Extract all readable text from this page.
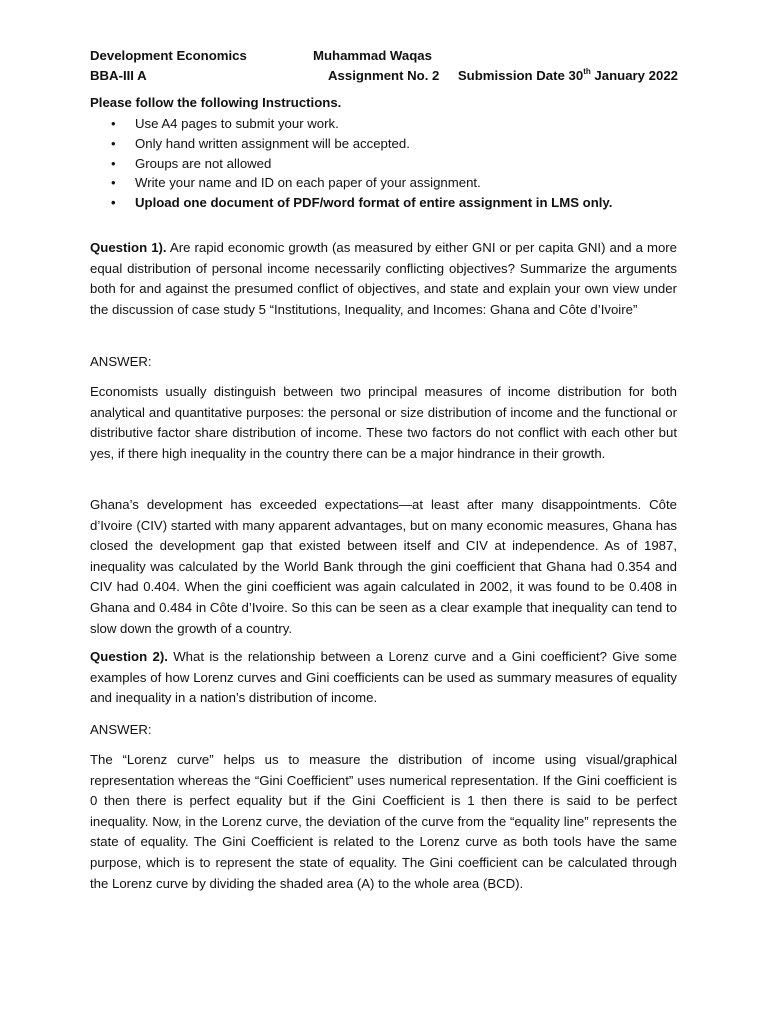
Development Economics	Muhammad Waqas
BBA-III A	Assignment No. 2 Submission Date 30th January 2022
Please follow the following Instructions.
• Use A4 pages to submit your work.
• Only hand written assignment will be accepted.
• Groups are not allowed
• Write your name and ID on each paper of your assignment.
• Upload one document of PDF/word format of entire assignment in LMS only.

Question 1). Are rapid economic growth (as measured by either GNI or per capita GNI) and a more equal distribution of personal income necessarily conflicting objectives? Summarize the arguments both for and against the presumed conflict of objectives, and state and explain your own view under the discussion of case study 5 “Institutions, Inequality, and Incomes: Ghana and Côte d’Ivoire”

ANSWER:

Economists usually distinguish between two principal measures of income distribution for both analytical and quantitative purposes: the personal or size distribution of income and the functional or distributive factor share distribution of income. These two factors do not conflict with each other but yes, if there high inequality in the country there can be a major hindrance in their growth.

Ghana’s development has exceeded expectations—at least after many disappointments. Côte d’Ivoire (CIV) started with many apparent advantages, but on many economic measures, Ghana has closed the development gap that existed between itself and CIV at independence. As of 1987, inequality was calculated by the World Bank through the gini coefficient that Ghana had 0.354 and CIV had 0.404. When the gini coefficient was again calculated in 2002, it was found to be 0.408 in Ghana and 0.484 in Côte d’Ivoire. So this can be seen as a clear example that inequality can tend to slow down the growth of a country.

Question 2). What is the relationship between a Lorenz curve and a Gini coefficient? Give some examples of how Lorenz curves and Gini coefficients can be used as summary measures of equality and inequality in a nation’s distribution of income.

ANSWER:

The “Lorenz curve” helps us to measure the distribution of income using visual/graphical representation whereas the “Gini Coefficient” uses numerical representation. If the Gini coefficient is 0 then there is perfect equality but if the Gini Coefficient is 1 then there is said to be perfect inequality. Now, in the Lorenz curve, the deviation of the curve from the “equality line” represents the state of equality. The Gini Coefficient is related to the Lorenz curve as both tools have the same purpose, which is to represent the state of equality. The Gini coefficient can be calculated through the Lorenz curve by dividing the shaded area (A) to the whole area (BCD).
